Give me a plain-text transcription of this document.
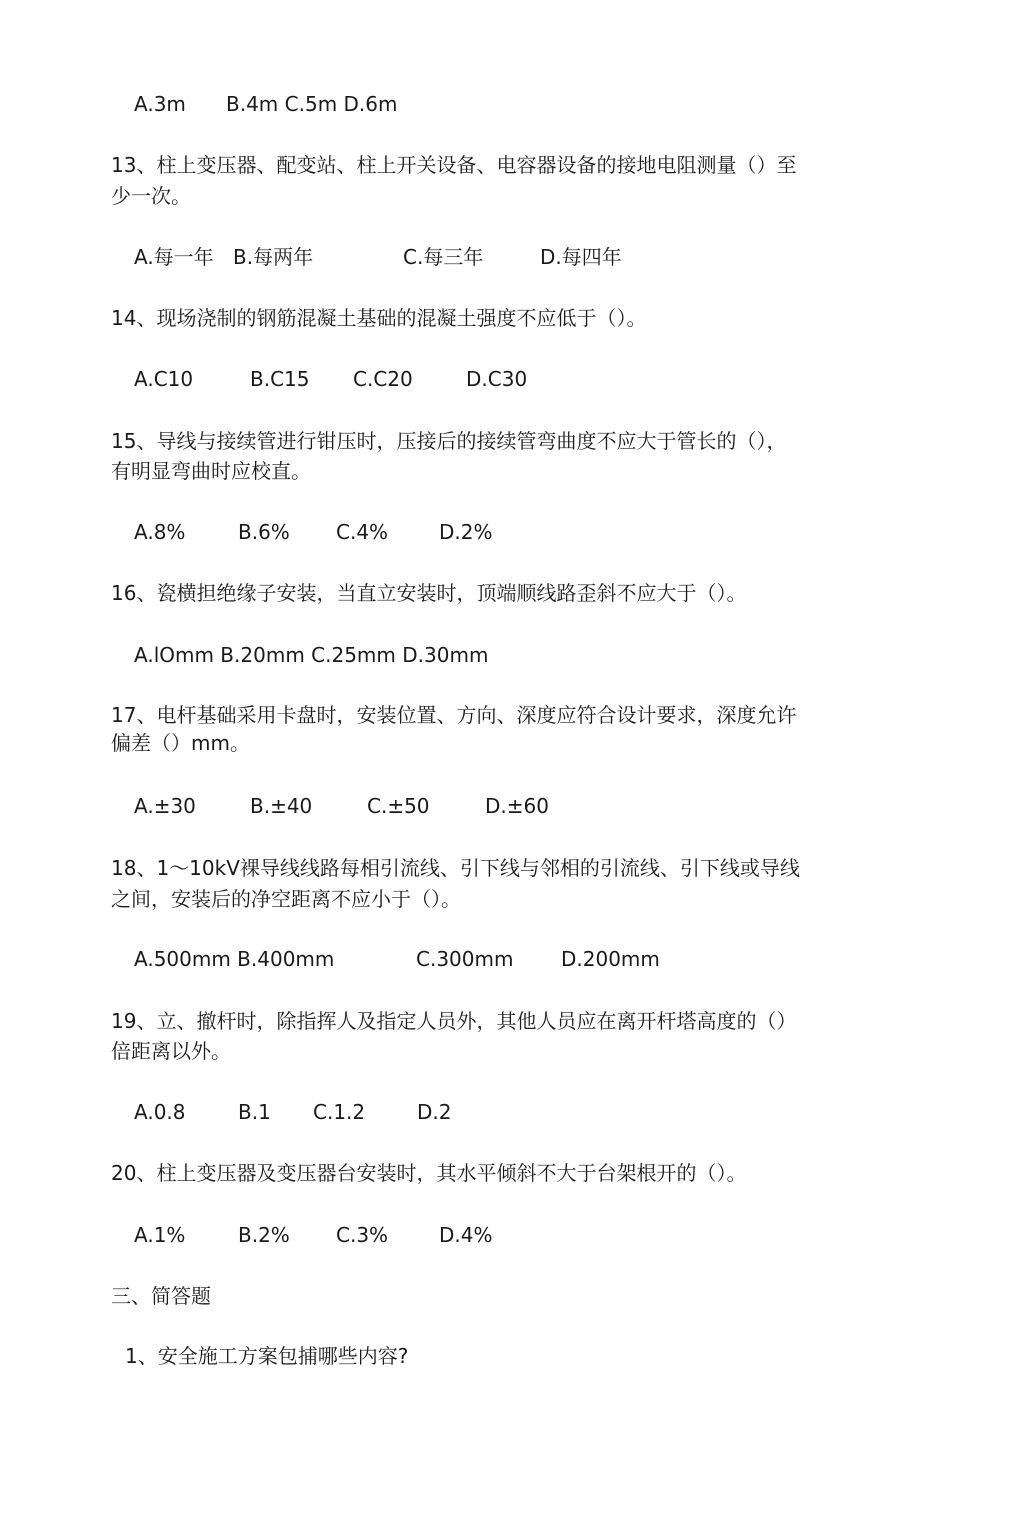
A.3m B.4m C.5m D.6m
13、柱上变压器、配变站、柱上开关设备、电容器设备的接地电阻测量（）至
少一次。
A.每一年 B.每两年	C.每三年	D.每四年
14、现场浇制的钢筋混凝土基础的混凝土强度不应低于（）。
A.C10	B.C15 C.C20	D.C30
15、导线与接续管进行钳压时，压接后的接续管弯曲度不应大于管长的（），
有明显弯曲时应校直。
A.8%	B.6% C.4%	D.2%
16、瓷横担绝缘子安装，当直立安装时，顶端顺线路歪斜不应大于（）。
A.lOmm B.20mm C.25mm D.30mm
17、电杆基础采用卡盘时，安装位置、方向、深度应符合设计要求，深度允许
偏差（）mm。
A.±30	B.±40	C.±50	D.±60
18、1～10kV裸导线线路每相引流线、引下线与邻相的引流线、引下线或导线
之间，安装后的净空距离不应小于（）。
A.500mm B.400mm	C.300mm D.200mm
19、立、撤杆时，除指挥人及指定人员外，其他人员应在离开杆塔高度的（）
倍距离以外。
A.0.8	B.1 C.1.2	D.2
20、柱上变压器及变压器台安装时，其水平倾斜不大于台架根开的（）。
A.1%	B.2% C.3%	D.4%
三、简答题
1、安全施工方案包捕哪些内容?
